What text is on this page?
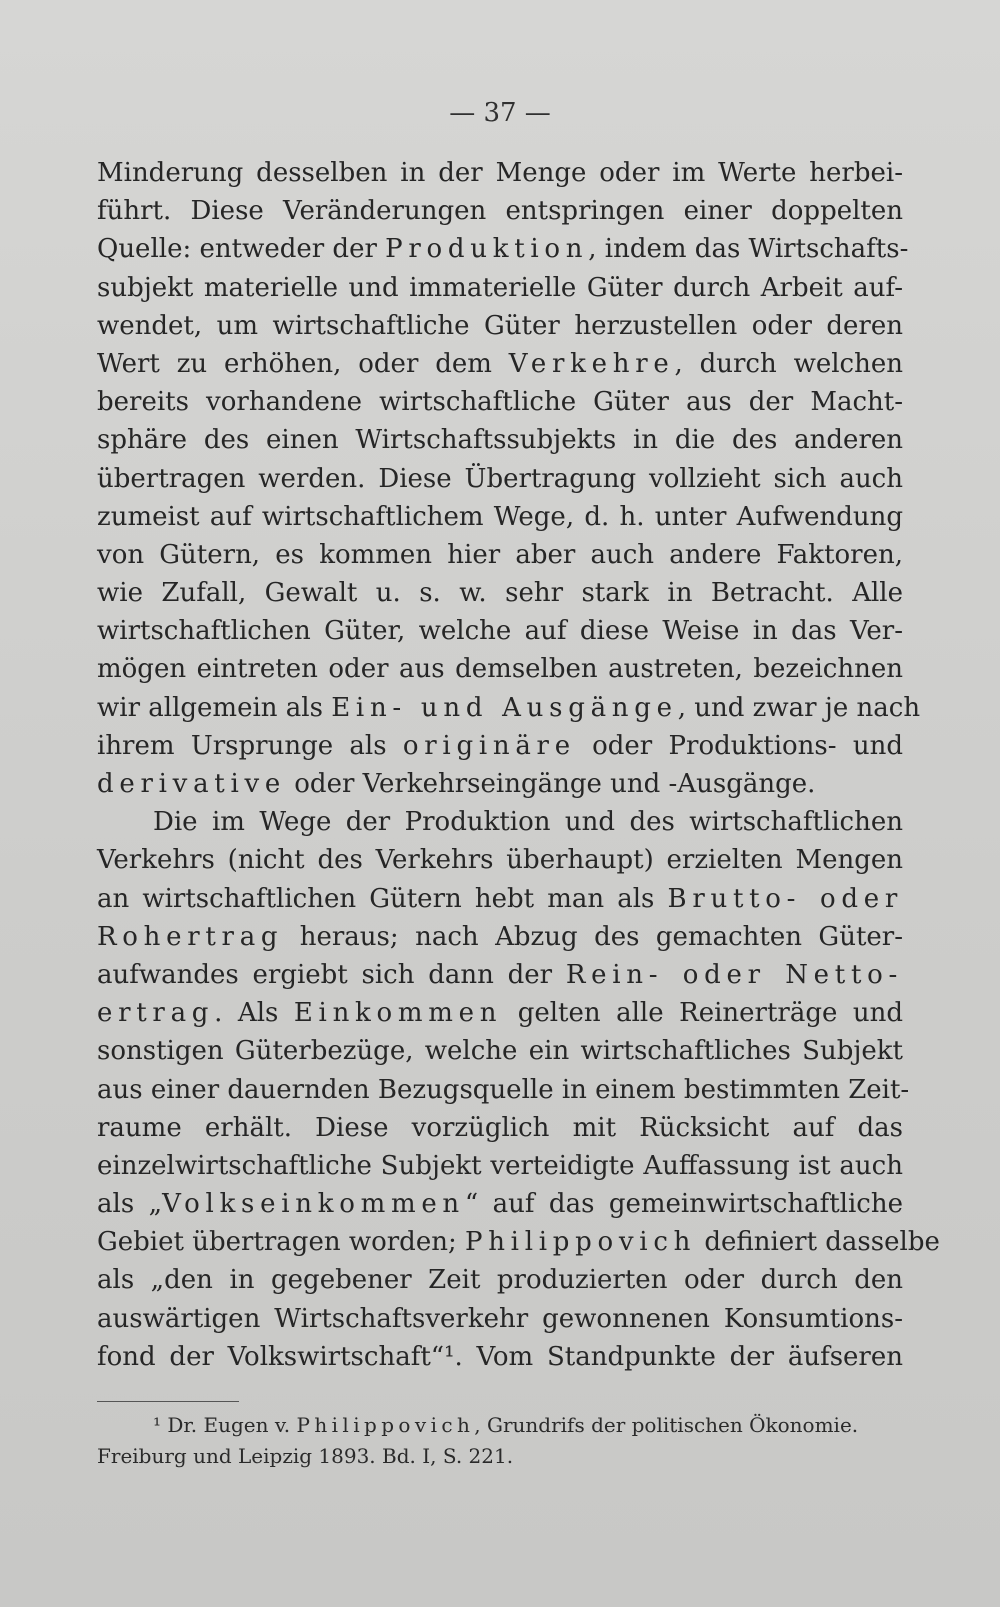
— 37 —
Minderung desselben in der Menge oder im Werte herbei-
führt. Diese Veränderungen entspringen einer doppelten
Quelle: entweder der Produktion, indem das Wirtschafts-
subjekt materielle und immaterielle Güter durch Arbeit auf-
wendet, um wirtschaftliche Güter herzustellen oder deren
Wert zu erhöhen, oder dem Verkehre, durch welchen
bereits vorhandene wirtschaftliche Güter aus der Macht-
sphäre des einen Wirtschaftssubjekts in die des anderen
übertragen werden. Diese Übertragung vollzieht sich auch
zumeist auf wirtschaftlichem Wege, d. h. unter Aufwendung
von Gütern, es kommen hier aber auch andere Faktoren,
wie Zufall, Gewalt u. s. w. sehr stark in Betracht. Alle
wirtschaftlichen Güter, welche auf diese Weise in das Ver-
mögen eintreten oder aus demselben austreten, bezeichnen
wir allgemein als Ein- und Ausgänge, und zwar je nach
ihrem Ursprunge als originäre oder Produktions- und
derivative oder Verkehrseingänge und -Ausgänge.
Die im Wege der Produktion und des wirtschaftlichen
Verkehrs (nicht des Verkehrs überhaupt) erzielten Mengen
an wirtschaftlichen Gütern hebt man als Brutto- oder
Rohertrag heraus; nach Abzug des gemachten Güter-
aufwandes ergiebt sich dann der Rein- oder Netto-
ertrag. Als Einkommen gelten alle Reinerträge und
sonstigen Güterbezüge, welche ein wirtschaftliches Subjekt
aus einer dauernden Bezugsquelle in einem bestimmten Zeit-
raume erhält. Diese vorzüglich mit Rücksicht auf das
einzelwirtschaftliche Subjekt verteidigte Auffassung ist auch
als „Volkseinkommen“ auf das gemeinwirtschaftliche
Gebiet übertragen worden; Philippovich definiert dasselbe
als „den in gegebener Zeit produzierten oder durch den
auswärtigen Wirtschaftsverkehr gewonnenen Konsumtions-
fond der Volkswirtschaft“¹. Vom Standpunkte der äufseren
¹ Dr. Eugen v. Philippovich, Grundrifs der politischen Ökonomie.
Freiburg und Leipzig 1893. Bd. I, S. 221.
